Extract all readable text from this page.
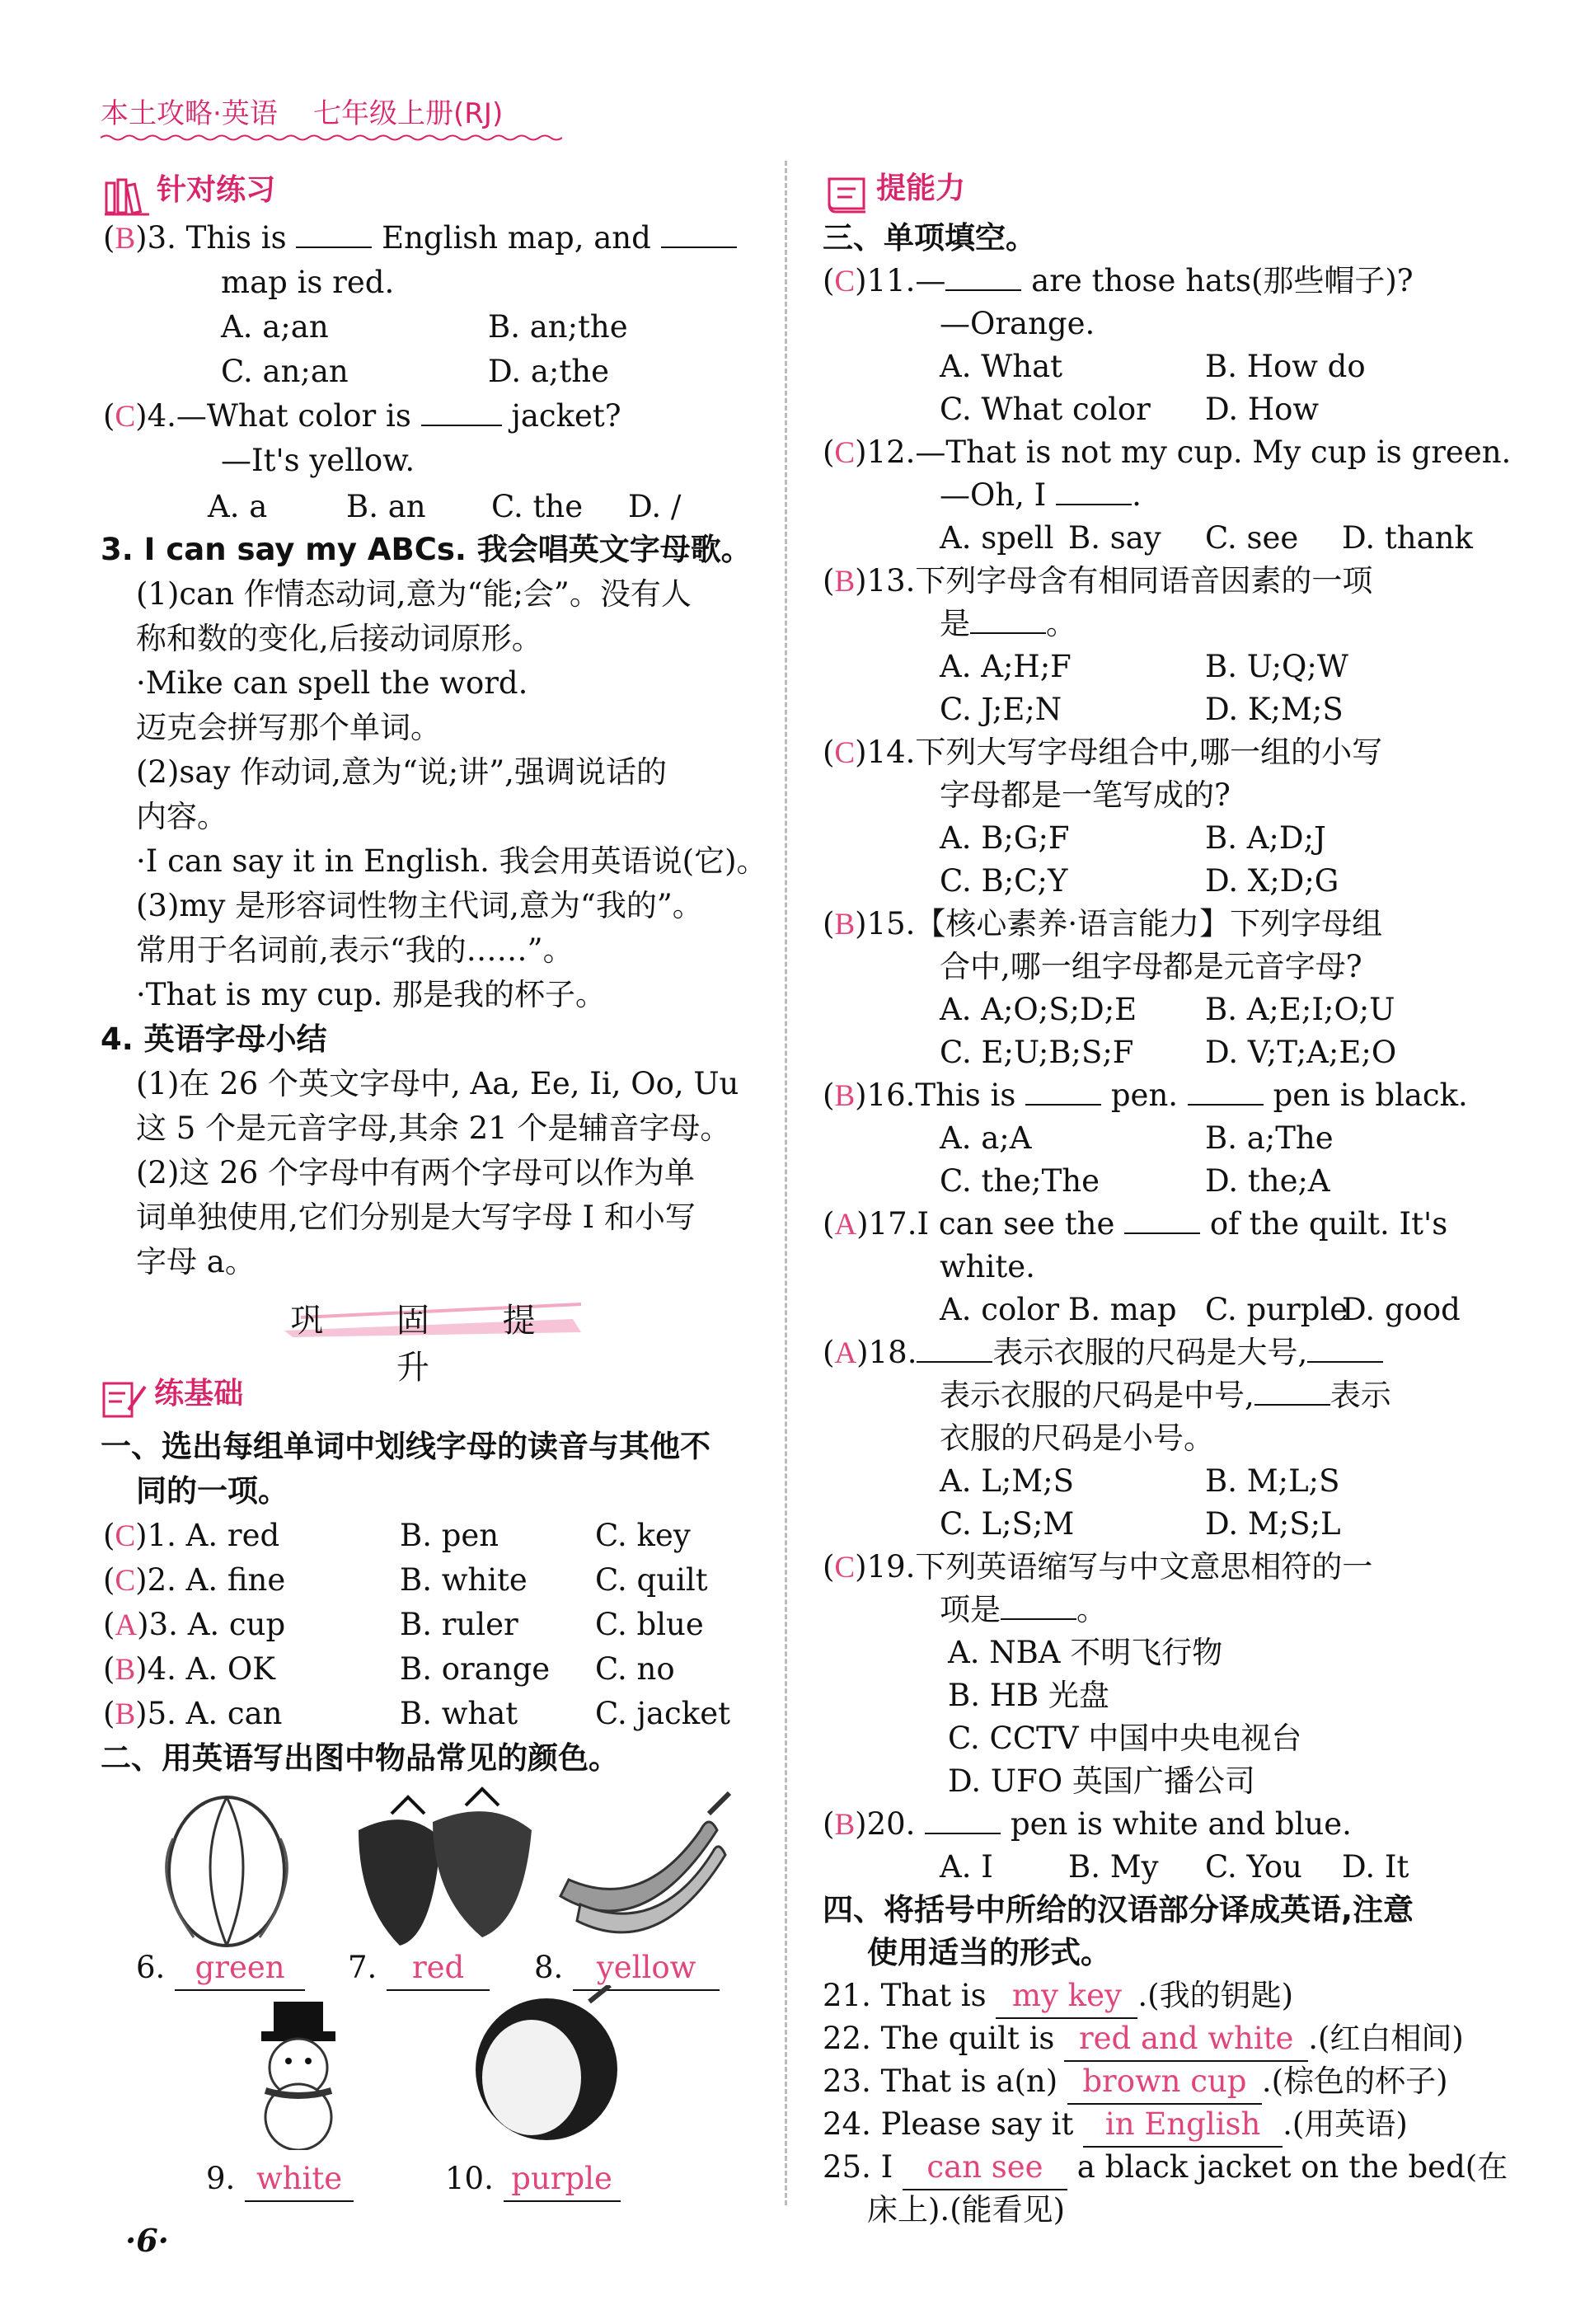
本土攻略·英语 七年级上册(RJ)
针对练习
(B)3. This is	English map, and
map is red.
A. a;an	B. an;the
C. an;an	D. a;the
(C)4.—What color is	jacket?
—It's yellow.
A. a	B. an C. the D. /
3. I can say my ABCs. 我会唱英文字母歌。
(1)can 作情态动词,意为“能;会”。没有人
称和数的变化,后接动词原形。
·Mike can spell the word.
迈克会拼写那个单词。
(2)say 作动词,意为“说;讲”,强调说话的
内容。
·I can say it in English. 我会用英语说(它)。
(3)my 是形容词性物主代词,意为“我的”。
常用于名词前,表示“我的……”。
·That is my cup. 那是我的杯子。
4. 英语字母小结
(1)在 26 个英文字母中, Aa, Ee, Ii, Oo, Uu
这 5 个是元音字母,其余 21 个是辅音字母。
(2)这 26 个字母中有两个字母可以作为单
词单独使用,它们分别是大写字母 I 和小写
字母 a。
巩 固 提 升
练基础
一、选出每组单词中划线字母的读音与其他不
同的一项。
(C)1. A. red	B. pen	C. key
(C)2. A. fine	B. white C. quilt
(A)3. A. cup	B. ruler	C. blue
(B)4. A. OK	B. orange C. no
(B)5. A. can	B. what	C. jacket
二、用英语写出图中物品常见的颜色。
6. green	7. red	8. yellow
9. white	10. purple
·6·
提能力
三、单项填空。
(C)11.—	are those hats(那些帽子)?
—Orange.
A. What	B. How do
C. What color D. How
(C)12.—That is not my cup. My cup is green.
—Oh, I	.
A. spell B. say C. see D. thank
(B)13.下列字母含有相同语音因素的一项
是 。
A. A;H;F	B. U;Q;W
C. J;E;N	D. K;M;S
(C)14.下列大写字母组合中,哪一组的小写
字母都是一笔写成的?
A. B;G;F	B. A;D;J
C. B;C;Y	D. X;D;G
(B)15.【核心素养·语言能力】下列字母组
合中,哪一组字母都是元音字母?
A. A;O;S;D;E B. A;E;I;O;U
C. E;U;B;S;F D. V;T;A;E;O
(B)16.This is	pen.	pen is black.
A. a;A	B. a;The
C. the;The	D. the;A
(A)17.I can see the	of the quilt. It's
white.
A. color B. map C. purple
D. good
(A)18. 表示衣服的尺码是大号,
表示衣服的尺码是中号, 表示
衣服的尺码是小号。
A. L;M;S	B. M;L;S
C. L;S;M	D. M;S;L
(C)19.下列英语缩写与中文意思相符的一
项是 。
A. NBA 不明飞行物
B. HB 光盘
C. CCTV 中国中央电视台
D. UFO 英国广播公司
(B)20.	pen is white and blue.
A. I B. My C. You D. It
四、将括号中所给的汉语部分译成英语,注意
使用适当的形式。
21. That is my key .(我的钥匙)
22. The quilt is red and white .(红白相间)
23. That is a(n) brown cup .(棕色的杯子)
24. Please say it in English .(用英语)
25. I can see a black jacket on the bed(在
床上).(能看见)
